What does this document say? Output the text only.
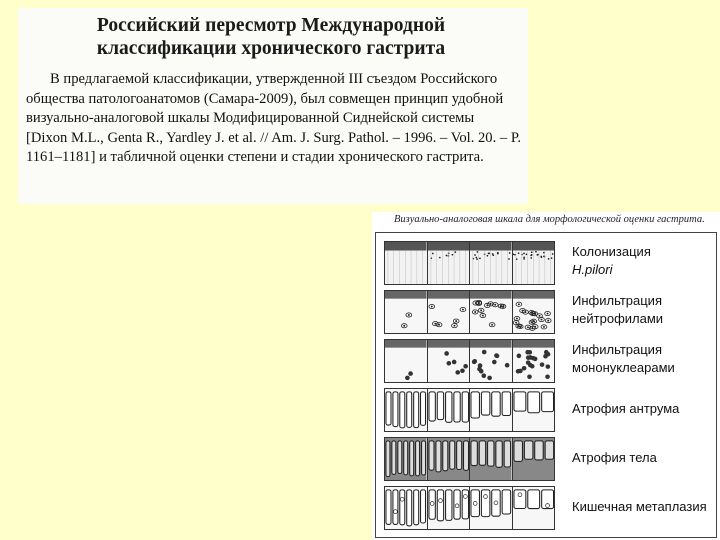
Российский пересмотр Международной
классификации хронического гастрита
В предлагаемой классификации, утвержденной III съездом Российского
общества патологоанатомов (Самара-2009), был совмещен принцип удобной
визуально-аналоговой шкалы Модифицированной Сиднейской системы
[Dixon M.L., Genta R., Yardley J. et al. // Am. J. Surg. Pathol. – 1996. – Vol. 20. – P.
1161–1181] и табличной оценки степени и стадии хронического гастрита.
Визуально-аналоговая шкала для морфологической оценки гастрита.
Колонизация
H.pilori
Инфильтрация
нейтрофилами
Инфильтрация
мононуклеарами
Атрофия антрума
Атрофия тела
Кишечная метаплазия
